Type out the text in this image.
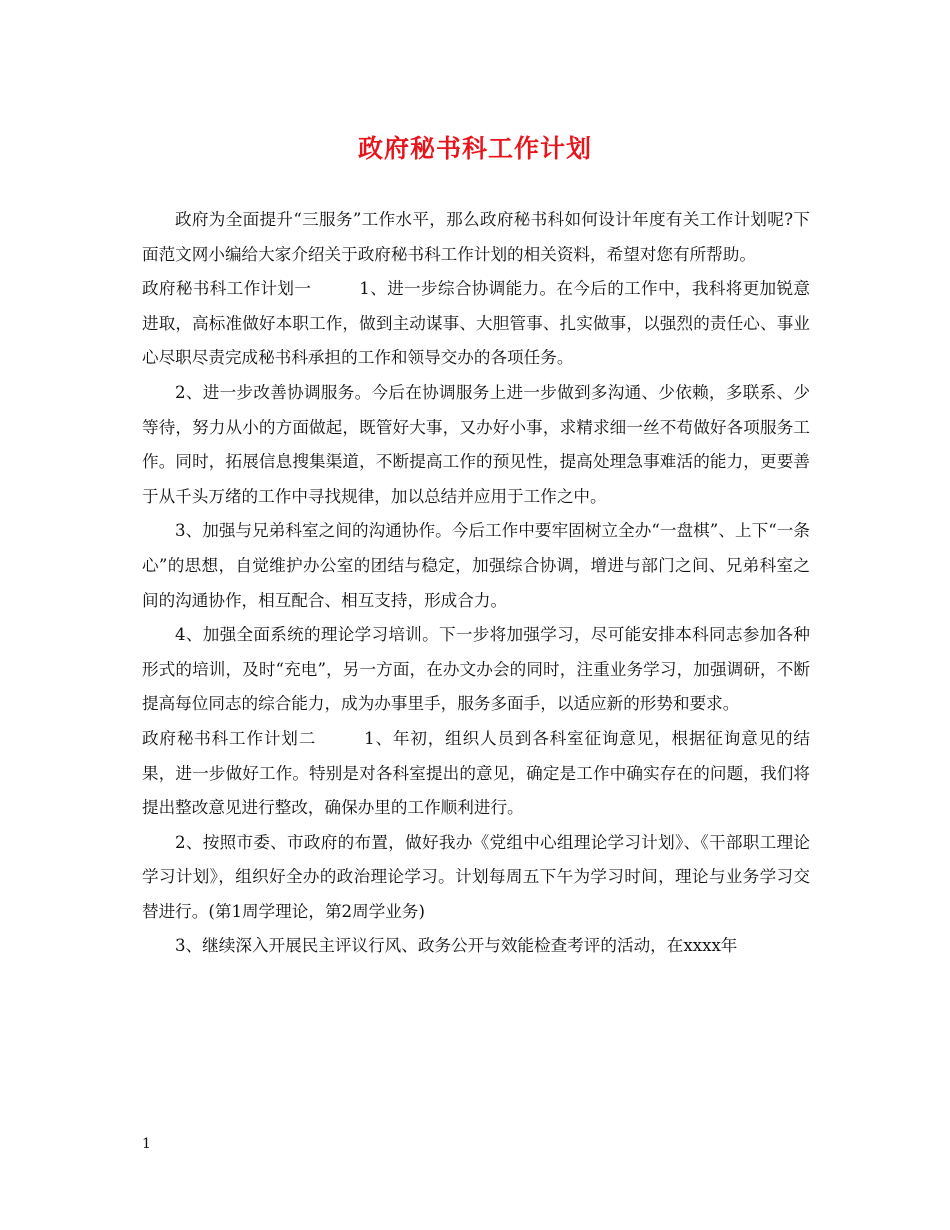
政府秘书科工作计划

政府为全面提升“三服务”工作水平，那么政府秘书科如何设计年度有关工作计划呢?下面范文网小编给大家介绍关于政府秘书科工作计划的相关资料，希望对您有所帮助。

政府秘书科工作计划一	1、进一步综合协调能力。在今后的工作中，我科将更加锐意进取，高标准做好本职工作，做到主动谋事、大胆管事、扎实做事，以强烈的责任心、事业心尽职尽责完成秘书科承担的工作和领导交办的各项任务。

2、进一步改善协调服务。今后在协调服务上进一步做到多沟通、少依赖，多联系、少等待，努力从小的方面做起，既管好大事，又办好小事，求精求细一丝不苟做好各项服务工作。同时，拓展信息搜集渠道，不断提高工作的预见性，提高处理急事难活的能力，更要善于从千头万绪的工作中寻找规律，加以总结并应用于工作之中。

3、加强与兄弟科室之间的沟通协作。今后工作中要牢固树立全办“一盘棋”、上下“一条心”的思想，自觉维护办公室的团结与稳定，加强综合协调，增进与部门之间、兄弟科室之间的沟通协作，相互配合、相互支持，形成合力。

4、加强全面系统的理论学习培训。下一步将加强学习，尽可能安排本科同志参加各种形式的培训，及时“充电”，另一方面，在办文办会的同时，注重业务学习，加强调研，不断提高每位同志的综合能力，成为办事里手，服务多面手，以适应新的形势和要求。

政府秘书科工作计划二	1、年初，组织人员到各科室征询意见，根据征询意见的结果，进一步做好工作。特别是对各科室提出的意见，确定是工作中确实存在的问题，我们将提出整改意见进行整改，确保办里的工作顺利进行。

2、按照市委、市政府的布置，做好我办《党组中心组理论学习计划》、《干部职工理论学习计划》，组织好全办的政治理论学习。计划每周五下午为学习时间，理论与业务学习交替进行。(第1周学理论，第2周学业务)

3、继续深入开展民主评议行风、政务公开与效能检查考评的活动，在xxxx年

1
